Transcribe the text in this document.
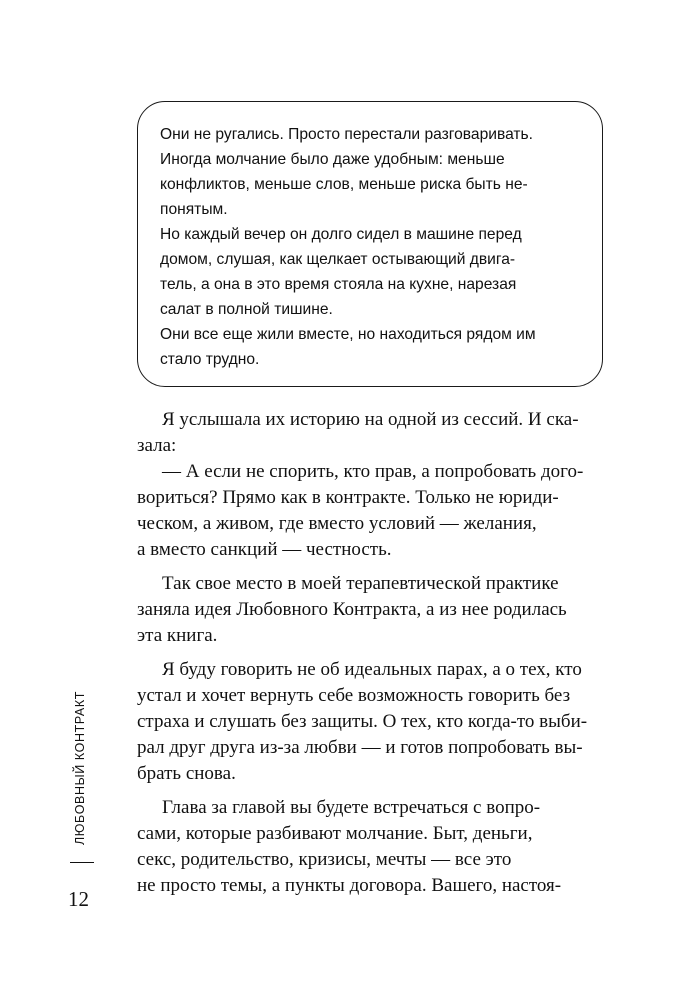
Они не ругались. Просто перестали разговаривать.
Иногда молчание было даже удобным: меньше
конфликтов, меньше слов, меньше риска быть не-
понятым.
Но каждый вечер он долго сидел в машине перед
домом, слушая, как щелкает остывающий двига-
тель, а она в это время стояла на кухне, нарезая
салат в полной тишине.
Они все еще жили вместе, но находиться рядом им
стало трудно.
Я услышала их историю на одной из сессий. И ска-
зала:
— А если не спорить, кто прав, а попробовать дого-
вориться? Прямо как в контракте. Только не юриди-
ческом, а живом, где вместо условий — желания,
а вместо санкций — честность.
Так свое место в моей терапевтической практике
заняла идея Любовного Контракта, а из нее родилась
эта книга.
Я буду говорить не об идеальных парах, а о тех, кто
устал и хочет вернуть себе возможность говорить без
страха и слушать без защиты. О тех, кто когда-то выби-
рал друг друга из-за любви — и готов попробовать вы-
брать снова.
Глава за главой вы будете встречаться с вопро-
сами, которые разбивают молчание. Быт, деньги,
секс, родительство, кризисы, мечты — все это
не просто темы, а пункты договора. Вашего, настоя-
ЛЮБОВНЫЙ КОНТРАКТ
12
